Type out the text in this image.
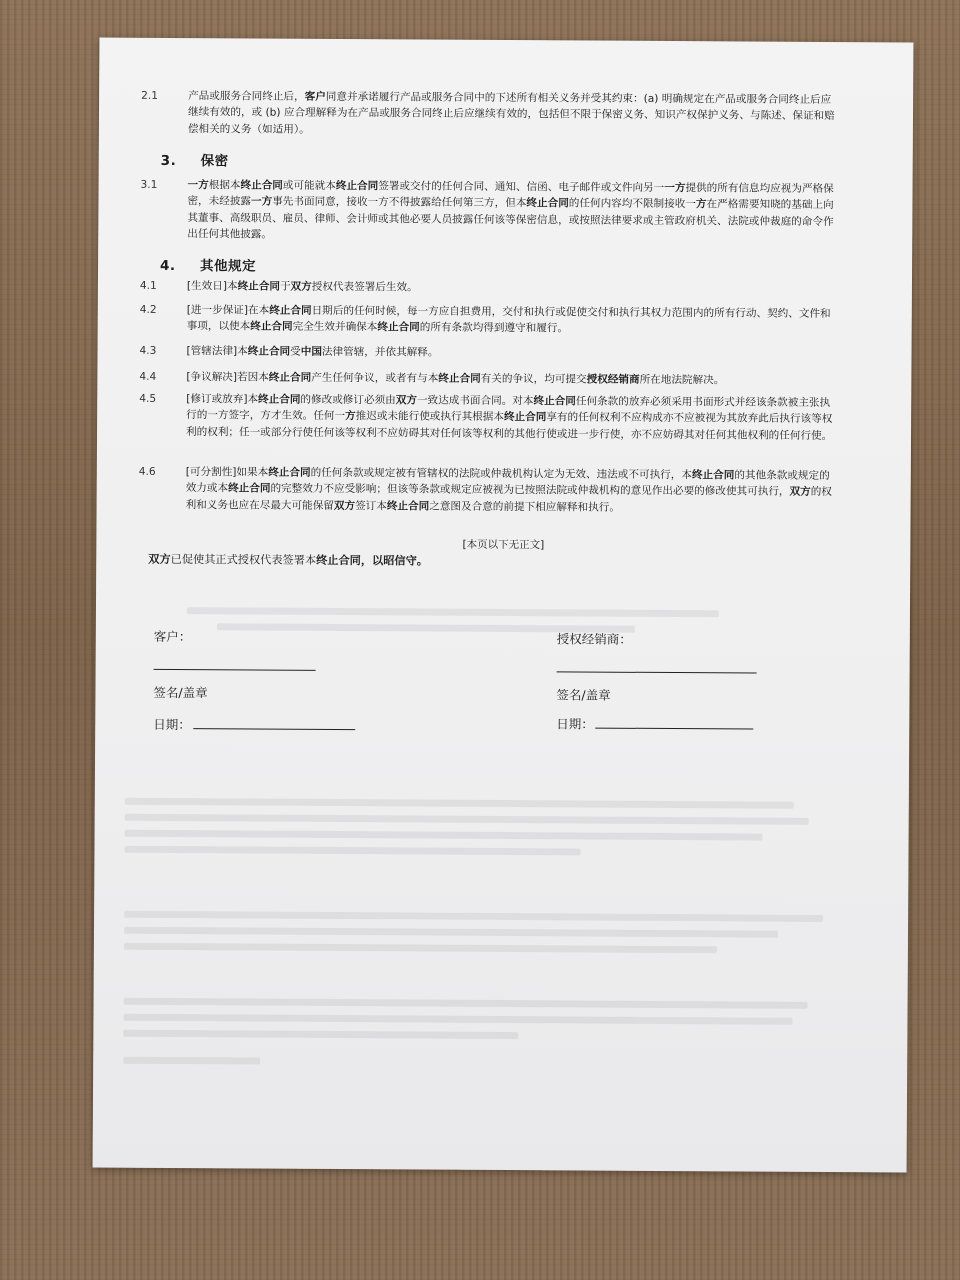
2.1	产品或服务合同终止后，客户同意并承诺履行产品或服务合同中的下述所有相关义务并受其约束：(a) 明确规定在产品或服务合同终止后应继续有效的，或 (b) 应合理解释为在产品或服务合同终止后应继续有效的，包括但不限于保密义务、知识产权保护义务、与陈述、保证和赔偿相关的义务（如适用）。
3. 保密
3.1	一方根据本终止合同或可能就本终止合同签署或交付的任何合同、通知、信函、电子邮件或文件向另一一方提供的所有信息均应视为严格保密，未经披露一方事先书面同意，接收一方不得披露给任何第三方，但本终止合同的任何内容均不限制接收一方在严格需要知晓的基础上向其董事、高级职员、雇员、律师、会计师或其他必要人员披露任何该等保密信息，或按照法律要求或主管政府机关、法院或仲裁庭的命令作出任何其他披露。
4. 其他规定
4.1	[生效日]本终止合同于双方授权代表签署后生效。
4.2	[进一步保证]在本终止合同日期后的任何时候，每一方应自担费用，交付和执行或促使交付和执行其权力范围内的所有行动、契约、文件和事项，以使本终止合同完全生效并确保本终止合同的所有条款均得到遵守和履行。
4.3	[管辖法律]本终止合同受中国法律管辖，并依其解释。
4.4	[争议解决]若因本终止合同产生任何争议，或者有与本终止合同有关的争议，均可提交授权经销商所在地法院解决。
4.5	[修订或放弃]本终止合同的修改或修订必须由双方一致达成书面合同。对本终止合同任何条款的放弃必须采用书面形式并经该条款被主张执行的一方签字，方才生效。任何一方推迟或未能行使或执行其根据本终止合同享有的任何权利不应构成亦不应被视为其放弃此后执行该等权利的权利；任一或部分行使任何该等权利不应妨碍其对任何该等权利的其他行使或进一步行使，亦不应妨碍其对任何其他权利的任何行使。
4.6	[可分割性]如果本终止合同的任何条款或规定被有管辖权的法院或仲裁机构认定为无效、违法或不可执行，本终止合同的其他条款或规定的效力或本终止合同的完整效力不应受影响；但该等条款或规定应被视为已按照法院或仲裁机构的意见作出必要的修改使其可执行，双方的权利和义务也应在尽最大可能保留双方签订本终止合同之意图及合意的前提下相应解释和执行。
[本页以下无正文]
双方已促使其正式授权代表签署本终止合同，以昭信守。
客户：
签名/盖章
日期：
授权经销商：
签名/盖章
日期：
